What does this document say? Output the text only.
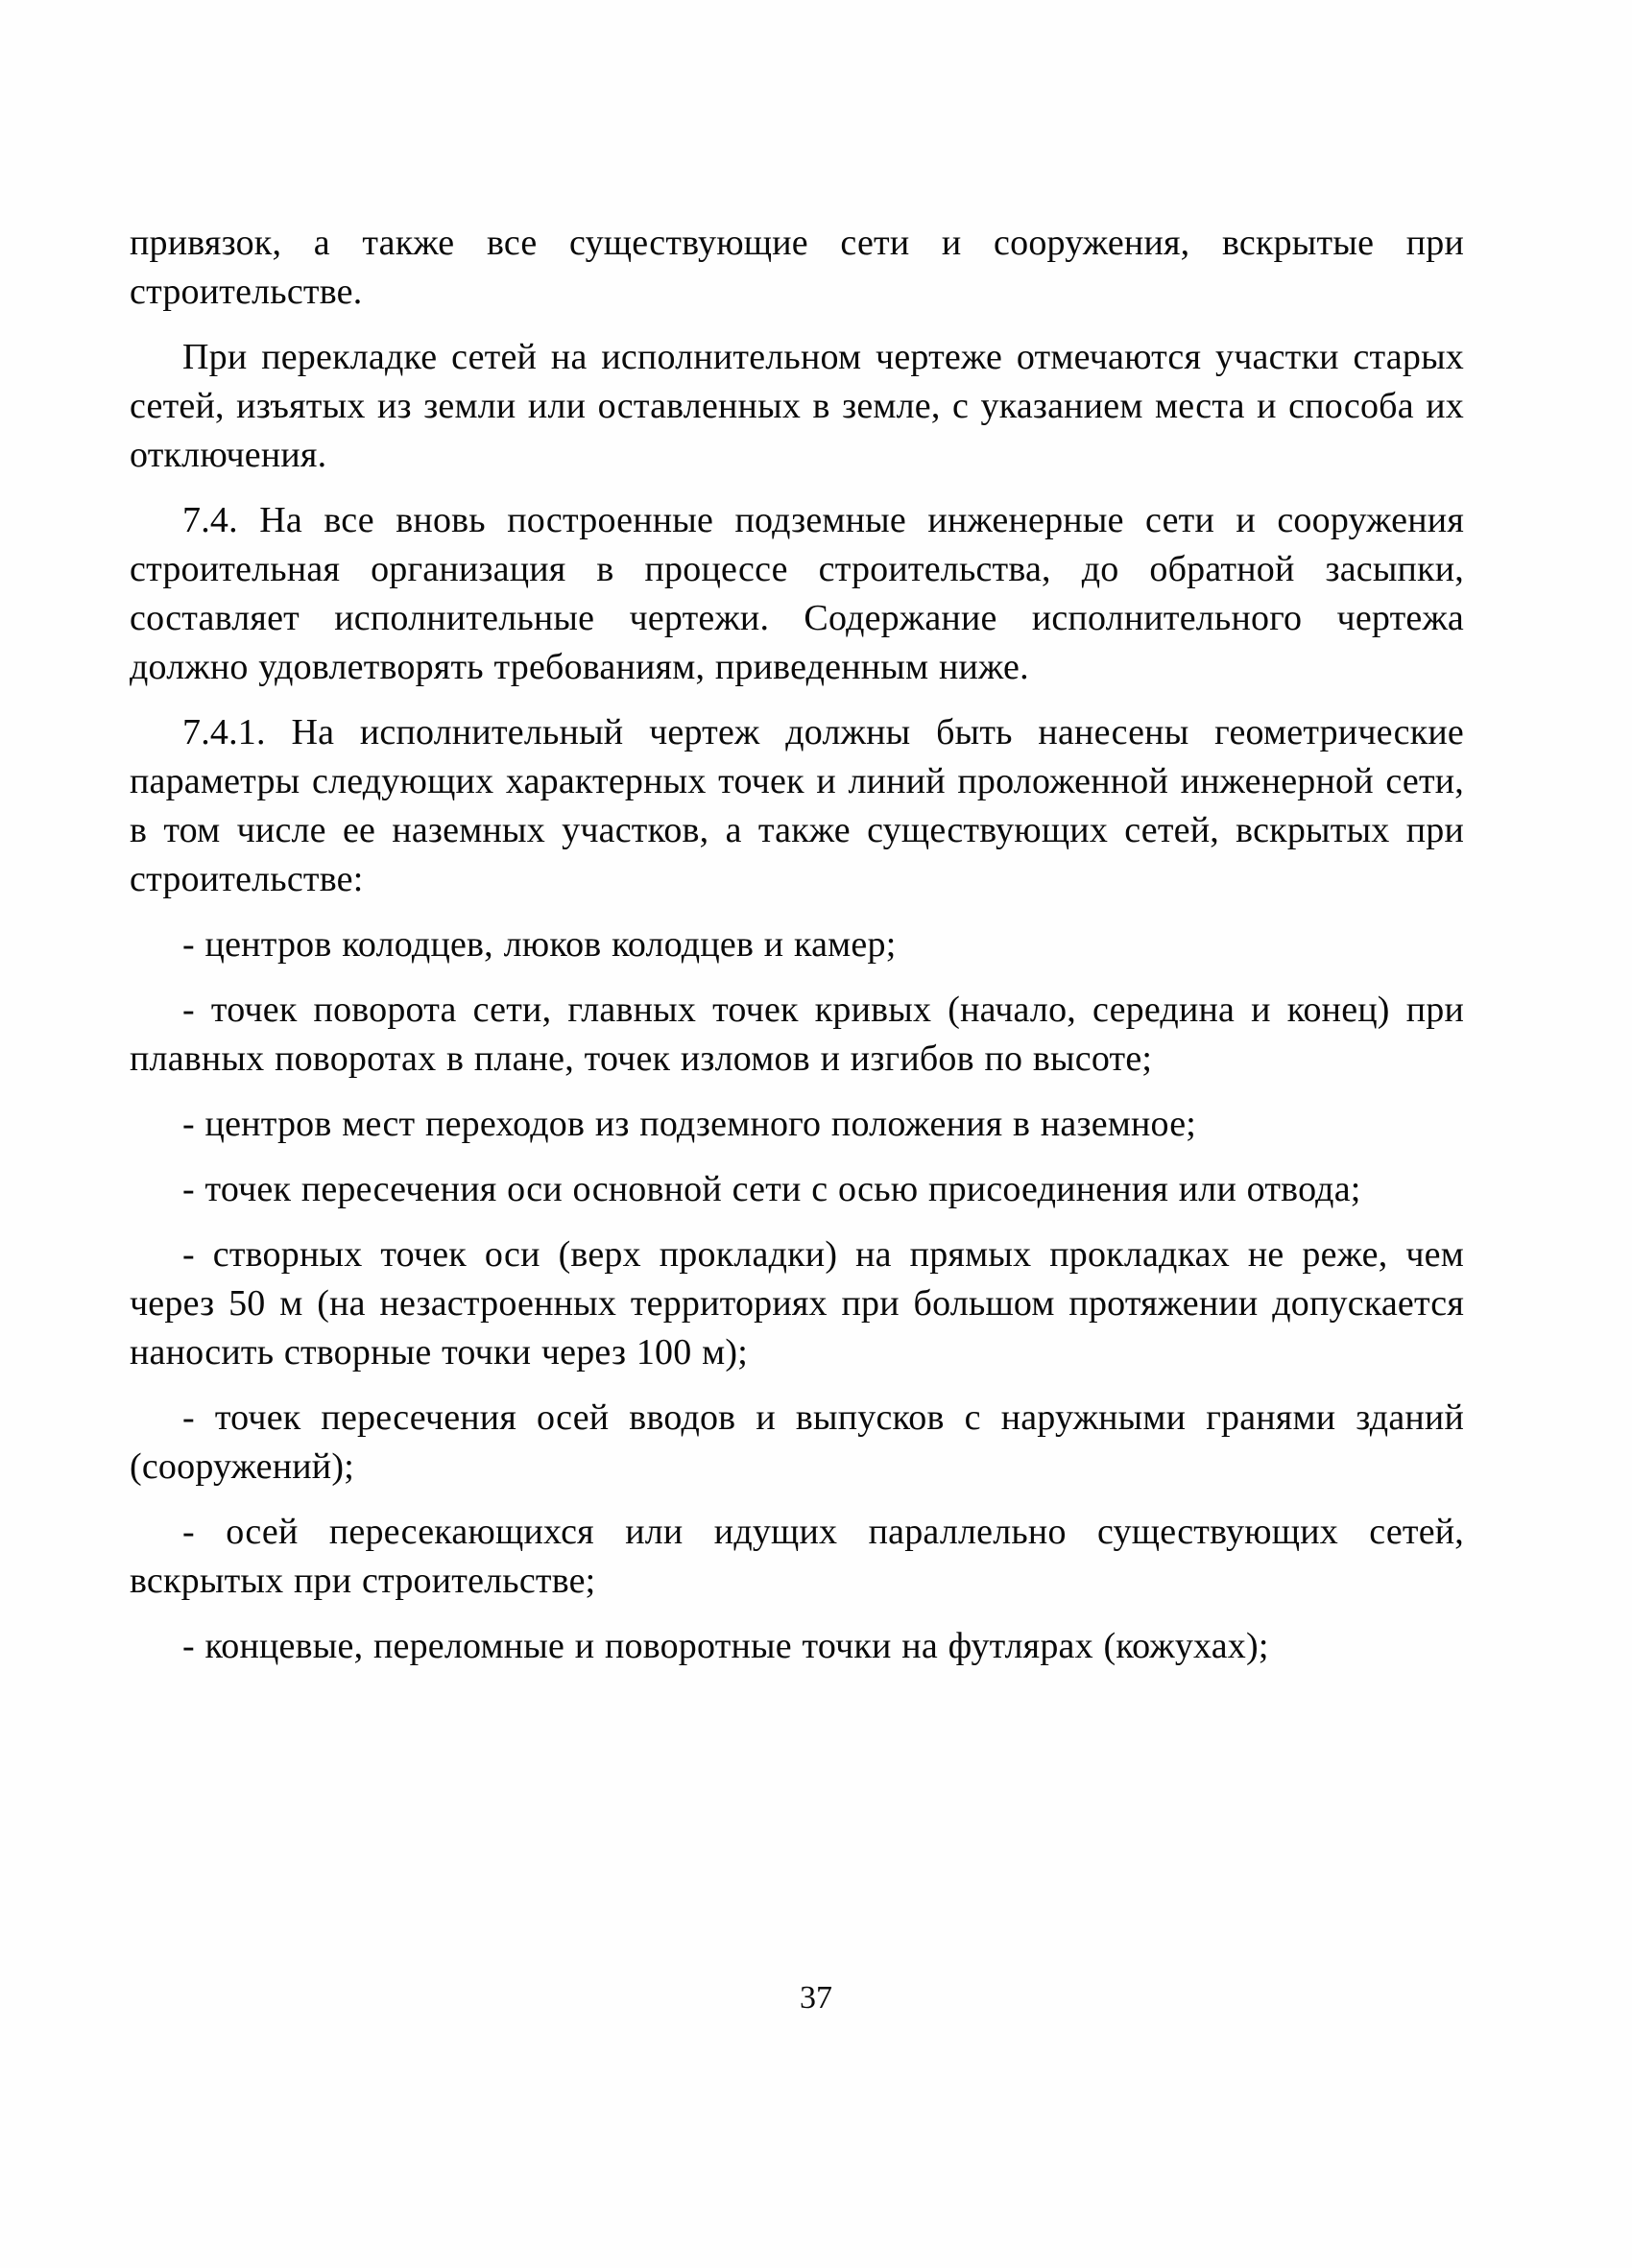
привязок, а также все существующие сети и сооружения, вскрытые при строительстве.

При перекладке сетей на исполнительном чертеже отмечаются участки старых сетей, изъятых из земли или оставленных в земле, с указанием места и способа их отключения.

7.4. На все вновь построенные подземные инженерные сети и сооружения строительная организация в процессе строительства, до обратной засыпки, составляет исполнительные чертежи. Содержание исполнительного чертежа должно удовлетворять требованиям, приведенным ниже.

7.4.1. На исполнительный чертеж должны быть нанесены геометрические параметры следующих характерных точек и линий проложенной инженерной сети, в том числе ее наземных участков, а также существующих сетей, вскрытых при строительстве:

- центров колодцев, люков колодцев и камер;

- точек поворота сети, главных точек кривых (начало, середина и конец) при плавных поворотах в плане, точек изломов и изгибов по высоте;

- центров мест переходов из подземного положения в наземное;

- точек пересечения оси основной сети с осью присоединения или отвода;

- створных точек оси (верх прокладки) на прямых прокладках не реже, чем через 50 м (на незастроенных территориях при большом протяжении допускается наносить створные точки через 100 м);

- точек пересечения осей вводов и выпусков с наружными гранями зданий (сооружений);

- осей пересекающихся или идущих параллельно существующих сетей, вскрытых при строительстве;

- концевые, переломные и поворотные точки на футлярах (кожухах);

37
